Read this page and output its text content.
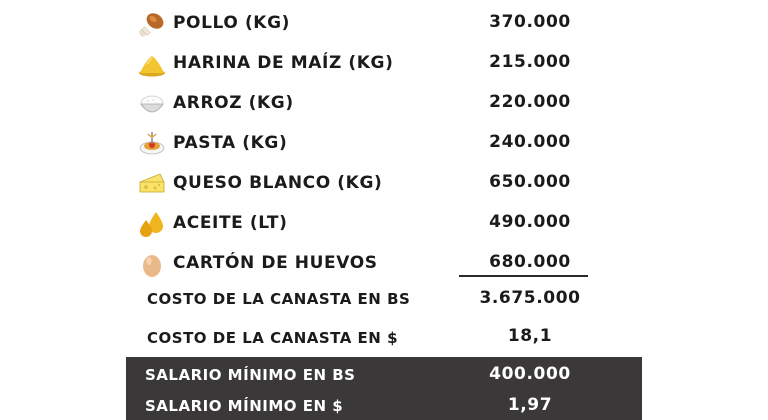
POLLO (KG)	370.000
HARINA DE MAÍZ (KG)	215.000
ARROZ (KG)	220.000
PASTA (KG)	240.000
QUESO BLANCO (KG)	650.000
ACEITE (LT)	490.000
CARTÓN DE HUEVOS	680.000
COSTO DE LA CANASTA EN BS	3.675.000
COSTO DE LA CANASTA EN $	18,1
SALARIO MÍNIMO EN BS	400.000
SALARIO MÍNIMO EN $	1,97
